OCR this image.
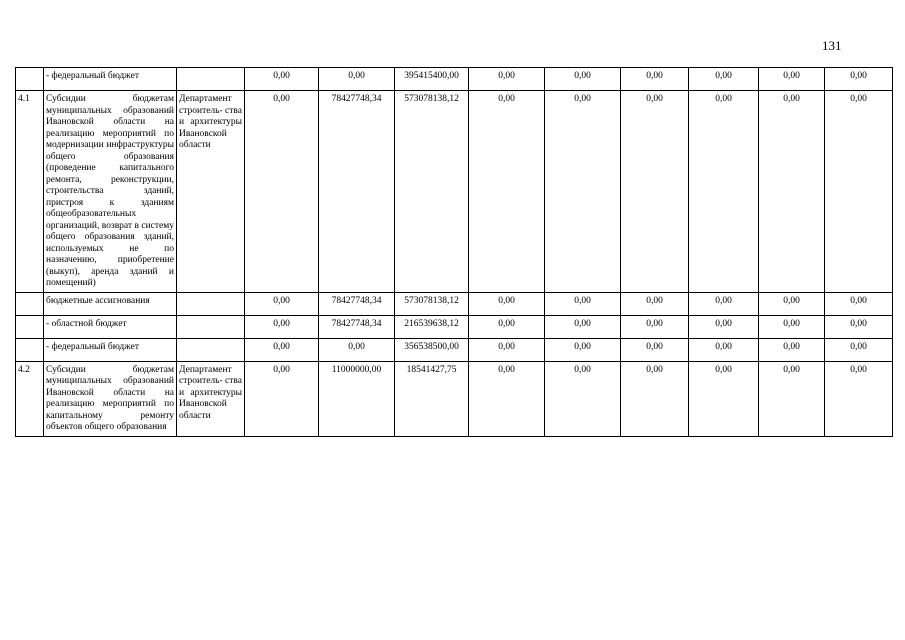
131
	- федеральный бюджет		0,00	0,00	395415400,00	0,00	0,00	0,00	0,00	0,00	0,00
4.1	Субсидии бюджетам муниципальных образований Ивановской области на реализацию мероприятий по модернизации инфраструктуры общего образования (проведение капитального ремонта, реконструкции, строительства зданий, пристроя к зданиям общеобразовательных организаций, возврат в систему общего образования зданий, используемых не по назначению, приобретение (выкуп), аренда зданий и помещений)	Департамент строитель- ства и архитектуры Ивановской области	0,00	78427748,34	573078138,12	0,00	0,00	0,00	0,00	0,00	0,00
	бюджетные ассигнования		0,00	78427748,34	573078138,12	0,00	0,00	0,00	0,00	0,00	0,00
	- областной бюджет		0,00	78427748,34	216539638,12	0,00	0,00	0,00	0,00	0,00	0,00
	- федеральный бюджет		0,00	0,00	356538500,00	0,00	0,00	0,00	0,00	0,00	0,00
4.2	Субсидии бюджетам муниципальных образований Ивановской области на реализацию мероприятий по капитальному ремонту объектов общего образования	Департамент строитель- ства и архитектуры Ивановской области	0,00	11000000,00	18541427,75	0,00	0,00	0,00	0,00	0,00	0,00
